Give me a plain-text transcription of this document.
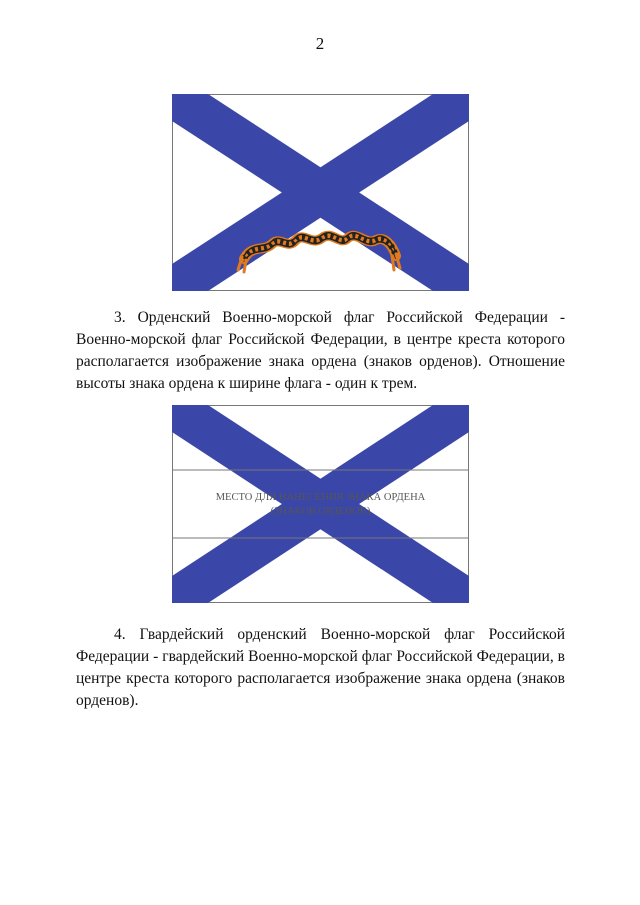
2

3. Орденский Военно-морской флаг Российской Федерации - Военно-морской флаг Российской Федерации, в центре креста которого располагается изображение знака ордена (знаков орденов). Отношение высоты знака ордена к ширине флага - один к трем.

МЕСТО ДЛЯ НАНЕСЕНИЯ ЗНАКА ОРДЕНА
(ЗНАКОВ ОРДЕНОВ)

4. Гвардейский орденский Военно-морской флаг Российской Федерации - гвардейский Военно-морской флаг Российской Федерации, в центре креста которого располагается изображение знака ордена (знаков орденов).
